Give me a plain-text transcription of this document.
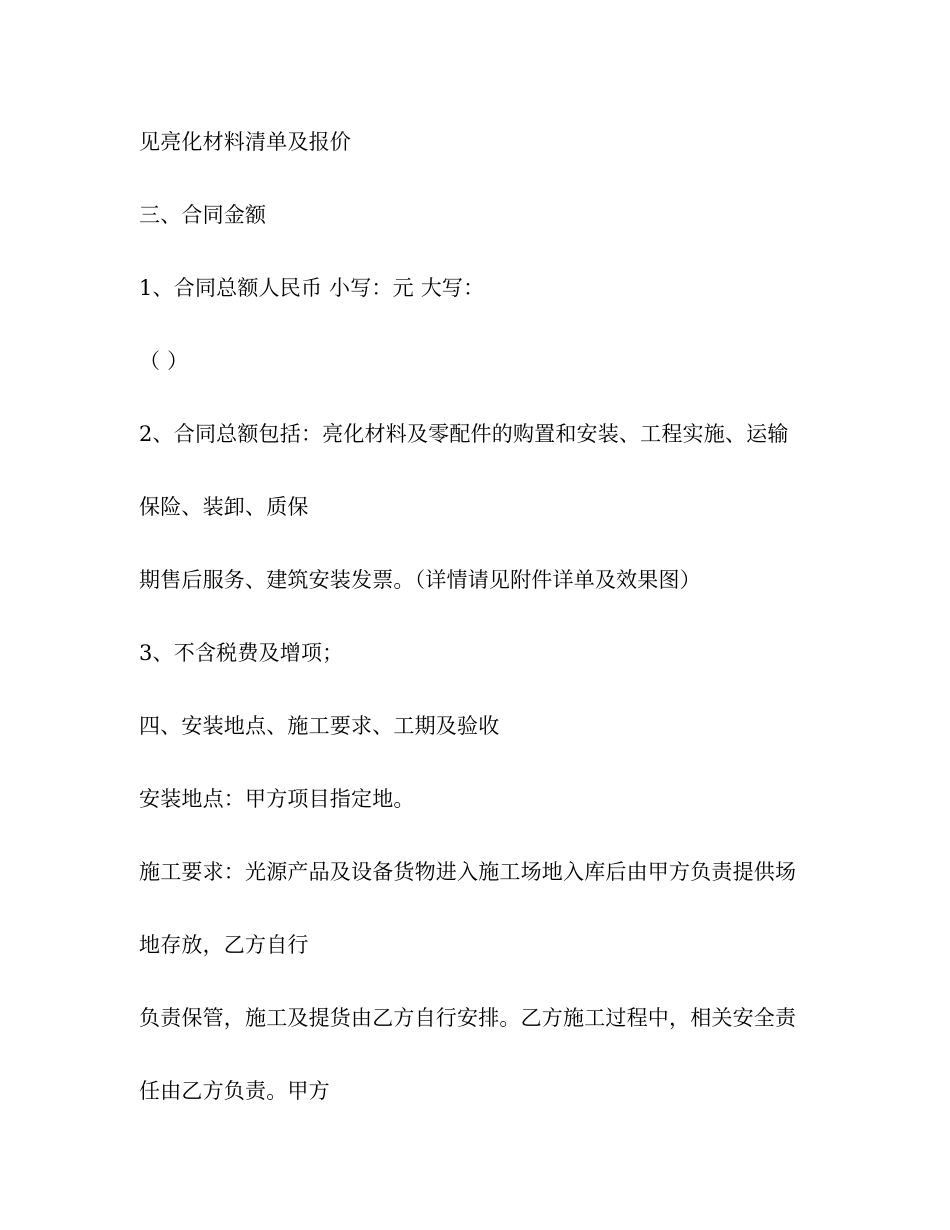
见亮化材料清单及报价
三、合同金额
1、合同总额人民币 小写：元 大写：
（ ）
2、合同总额包括：亮化材料及零配件的购置和安装、工程实施、运输
保险、装卸、质保
期售后服务、建筑安装发票。（详情请见附件详单及效果图）
3、不含税费及增项；
四、安装地点、施工要求、工期及验收
安装地点：甲方项目指定地。
施工要求：光源产品及设备货物进入施工场地入库后由甲方负责提供场
地存放，乙方自行
负责保管，施工及提货由乙方自行安排。乙方施工过程中，相关安全责
任由乙方负责。甲方
